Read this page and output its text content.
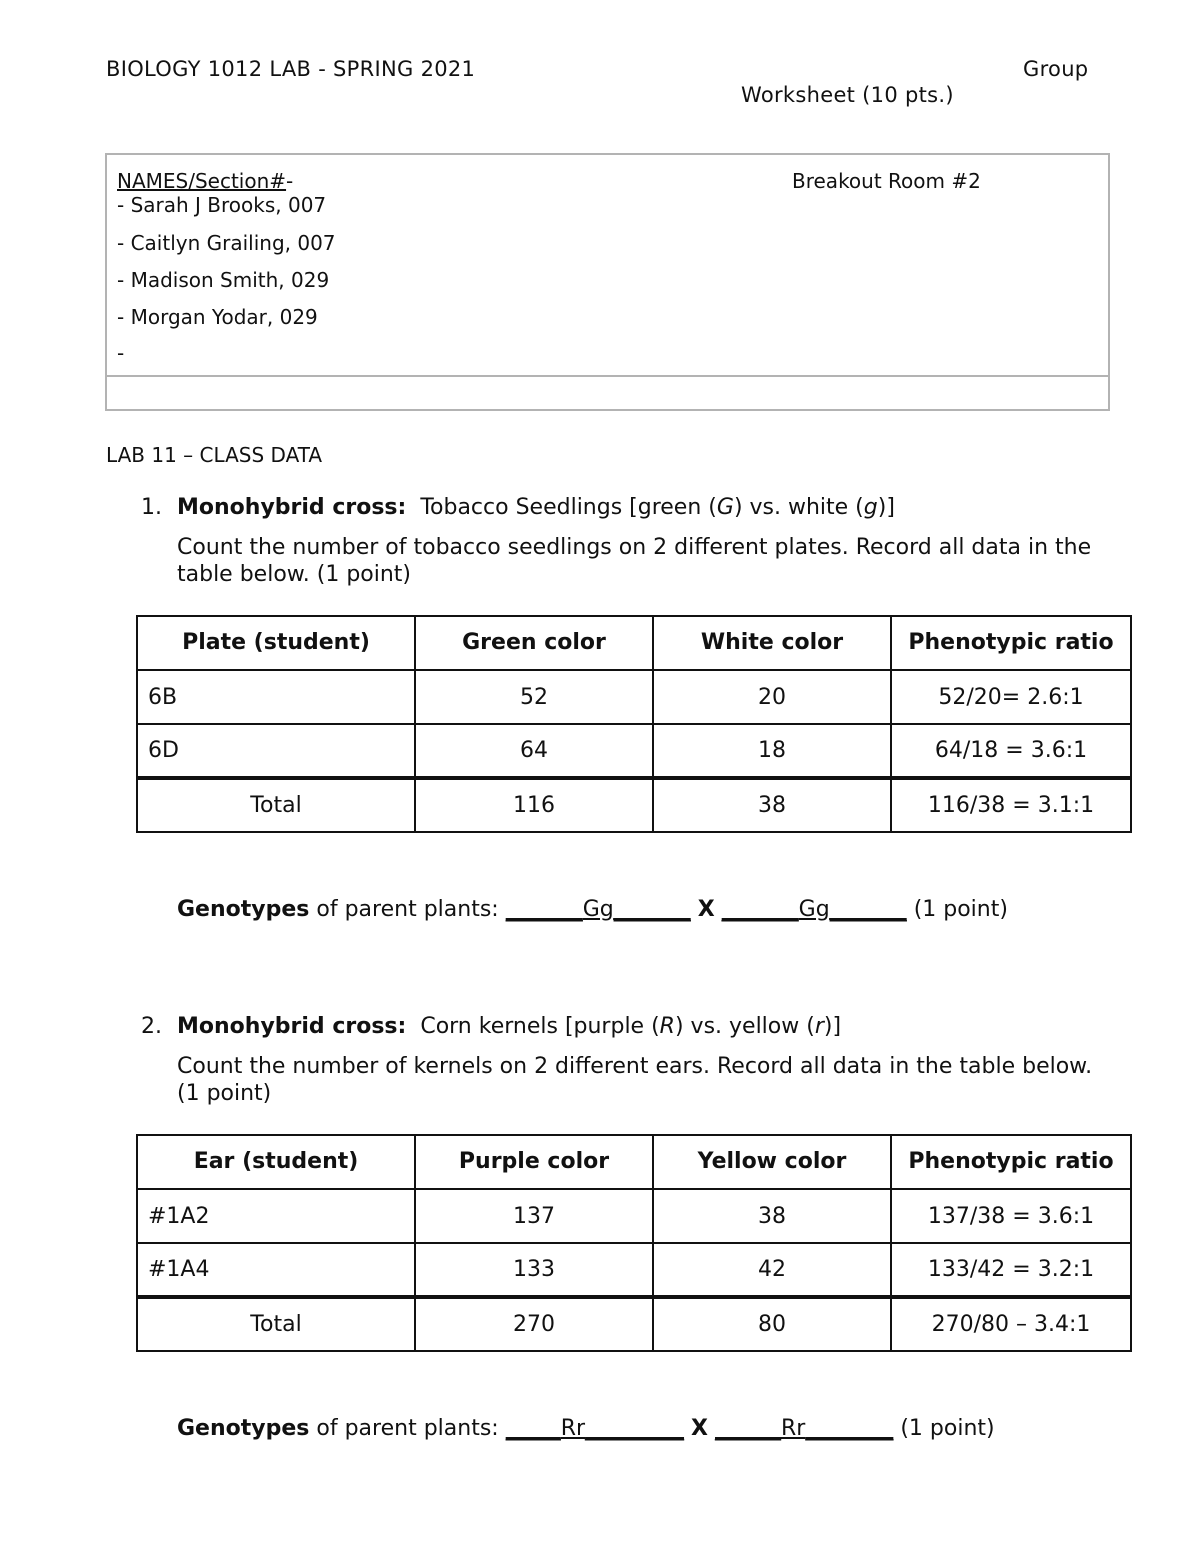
BIOLOGY 1012 LAB - SPRING 2021	Group
Worksheet (10 pts.)
NAMES/Section#-	Breakout Room #2
- Sarah J Brooks, 007
- Caitlyn Grailing, 007
- Madison Smith, 029
- Morgan Yodar, 029
-
LAB 11 – CLASS DATA
1. Monohybrid cross: Tobacco Seedlings [green (G) vs. white (g)]
Count the number of tobacco seedlings on 2 different plates. Record all data in the table below. (1 point)
Plate (student)	Green color	White color	Phenotypic ratio
6B	52	20	52/20= 2.6:1
6D	64	18	64/18 = 3.6:1
Total	116	38	116/38 = 3.1:1
Genotypes of parent plants: _______Gg_______ X _______Gg_______ (1 point)
2. Monohybrid cross: Corn kernels [purple (R) vs. yellow (r)]
Count the number of kernels on 2 different ears. Record all data in the table below. (1 point)
Ear (student)	Purple color	Yellow color	Phenotypic ratio
#1A2	137	38	137/38 = 3.6:1
#1A4	133	42	133/42 = 3.2:1
Total	270	80	270/80 – 3.4:1
Genotypes of parent plants: _____Rr_________ X ______Rr________ (1 point)
